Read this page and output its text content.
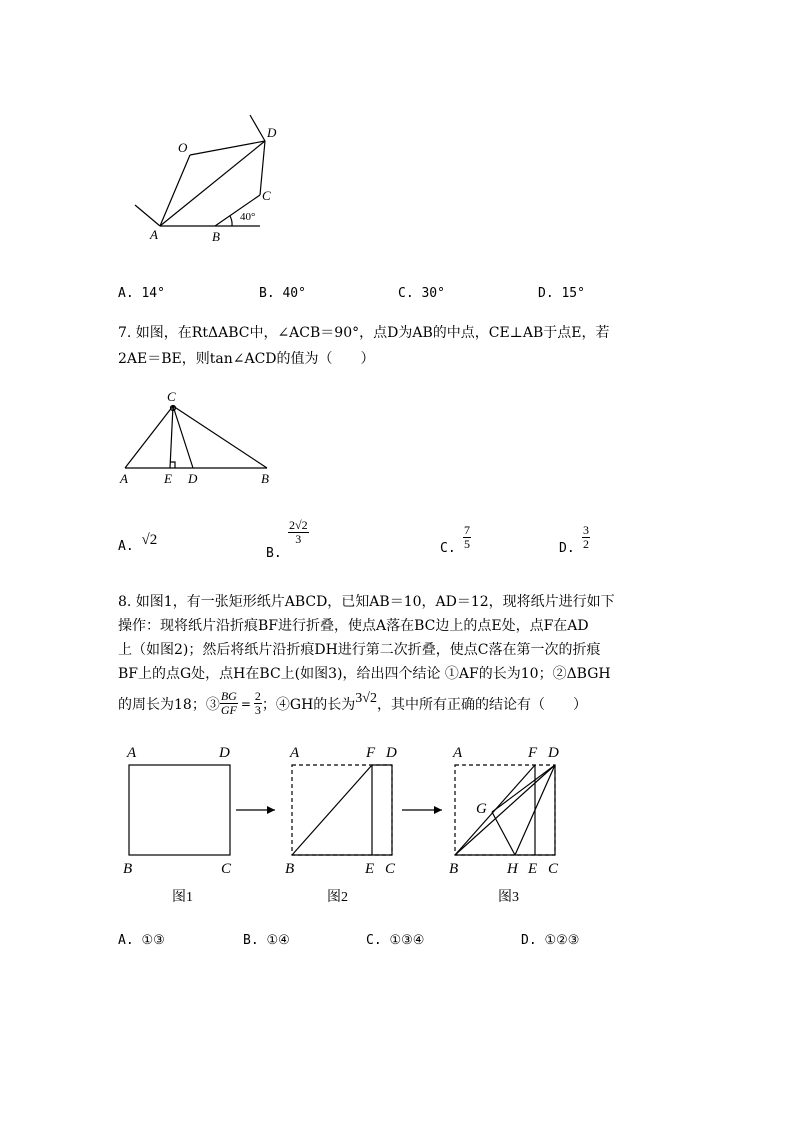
O
D
C
A	B
40°
A. 14°	B. 40°	C. 30°	D. 15°
7. 如图，在RtΔABC中，∠ACB＝90°，点D为AB的中点，CE⊥AB于点E，若
2AE＝BE，则tan∠ACD的值为（　　）
C
A	E D	B
A. √2
B.
$\frac{2√2}{3}$
C. $\frac{7}{5}$	D. $\frac{3}{2}$
8. 如图1，有一张矩形纸片ABCD，已知AB＝10，AD＝12，现将纸片进行如下
操作：现将纸片沿折痕BF进行折叠，使点A落在BC边上的点E处，点F在AD
上（如图2)；然后将纸片沿折痕DH进行第二次折叠，使点C落在第一次的折痕
BF上的点G处，点H在BC上(如图3)，给出四个结论 ①AF的长为10；②ΔBGH
的周长为18；③ $\frac{BG}{GF} = \frac{2}{3}$ ；④GH的长为 3√2 ，其中所有正确的结论有（　　）
A	D
B	C
图1
A	F D
B	E C
图2
A	F D
G
B	H E C
图3
A. ①③	B. ①④	C. ①③④	D. ①②③
